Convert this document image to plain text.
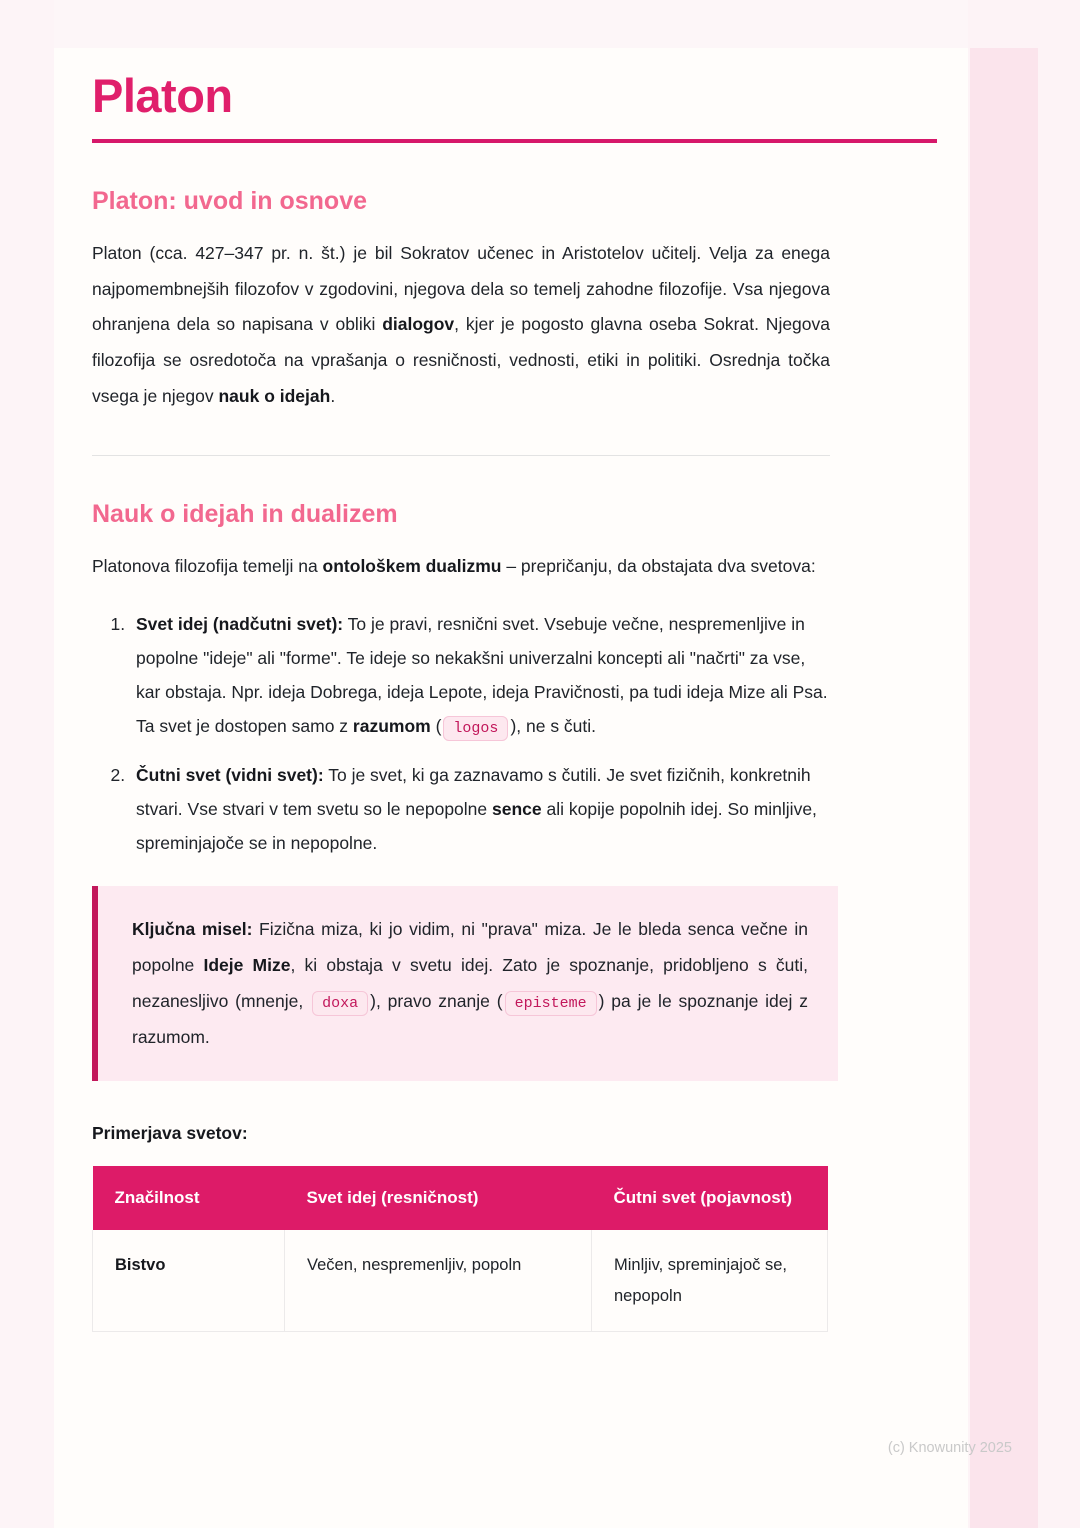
Platon
Platon: uvod in osnove

Platon (cca. 427–347 pr. n. št.) je bil Sokratov učenec in Aristotelov učitelj. Velja za enega najpomembnejših filozofov v zgodovini, njegova dela so temelj zahodne filozofije. Vsa njegova ohranjena dela so napisana v obliki dialogov, kjer je pogosto glavna oseba Sokrat. Njegova filozofija se osredotoča na vprašanja o resničnosti, vednosti, etiki in politiki. Osrednja točka vsega je njegov nauk o idejah.

Nauk o idejah in dualizem

Platonova filozofija temelji na ontološkem dualizmu – prepričanju, da obstajata dva svetova:

1. Svet idej (nadčutni svet): To je pravi, resnični svet. Vsebuje večne, nespremenljive in popolne "ideje" ali "forme". Te ideje so nekakšni univerzalni koncepti ali "načrti" za vse, kar obstaja. Npr. ideja Dobrega, ideja Lepote, ideja Pravičnosti, pa tudi ideja Mize ali Psa. Ta svet je dostopen samo z razumom ( logos ), ne s čuti.
2. Čutni svet (vidni svet): To je svet, ki ga zaznavamo s čutili. Je svet fizičnih, konkretnih stvari. Vse stvari v tem svetu so le nepopolne sence ali kopije popolnih idej. So minljive, spreminjajoče se in nepopolne.

Ključna misel: Fizična miza, ki jo vidim, ni "prava" miza. Je le bleda senca večne in popolne Ideje Mize, ki obstaja v svetu idej. Zato je spoznanje, pridobljeno s čuti, nezanesljivo (mnenje, doxa ), pravo znanje ( episteme ) pa je le spoznanje idej z razumom.

Primerjava svetov:
Značilnost	Svet idej (resničnost)	Čutni svet (pojavnost)
Bistvo	Večen, nespremenljiv, popoln	Minljiv, spreminjajoč se, nepopoln
(c) Knowunity 2025
